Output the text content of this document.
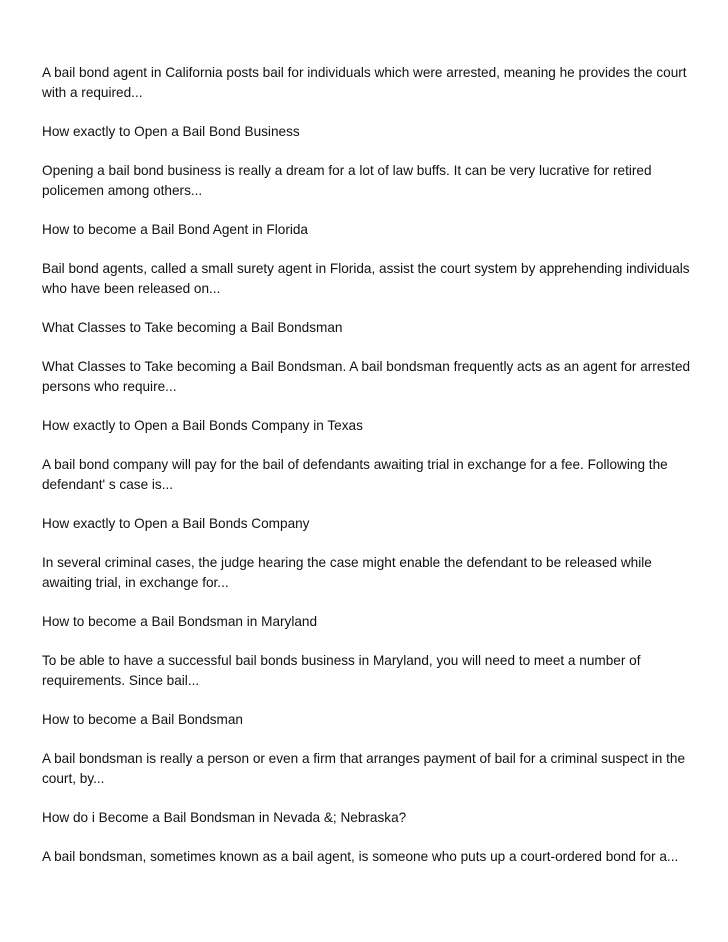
A bail bond agent in California posts bail for individuals which were arrested, meaning he provides the court with a required...

How exactly to Open a Bail Bond Business

Opening a bail bond business is really a dream for a lot of law buffs. It can be very lucrative for retired policemen among others...

How to become a Bail Bond Agent in Florida

Bail bond agents, called a small surety agent in Florida, assist the court system by apprehending individuals who have been released on...

What Classes to Take becoming a Bail Bondsman

What Classes to Take becoming a Bail Bondsman. A bail bondsman frequently acts as an agent for arrested persons who require...

How exactly to Open a Bail Bonds Company in Texas

A bail bond company will pay for the bail of defendants awaiting trial in exchange for a fee. Following the defendant' s case is...

How exactly to Open a Bail Bonds Company

In several criminal cases, the judge hearing the case might enable the defendant to be released while awaiting trial, in exchange for...

How to become a Bail Bondsman in Maryland

To be able to have a successful bail bonds business in Maryland, you will need to meet a number of requirements. Since bail...

How to become a Bail Bondsman

A bail bondsman is really a person or even a firm that arranges payment of bail for a criminal suspect in the court, by...

How do i Become a Bail Bondsman in Nevada &; Nebraska?

A bail bondsman, sometimes known as a bail agent, is someone who puts up a court-ordered bond for a...
